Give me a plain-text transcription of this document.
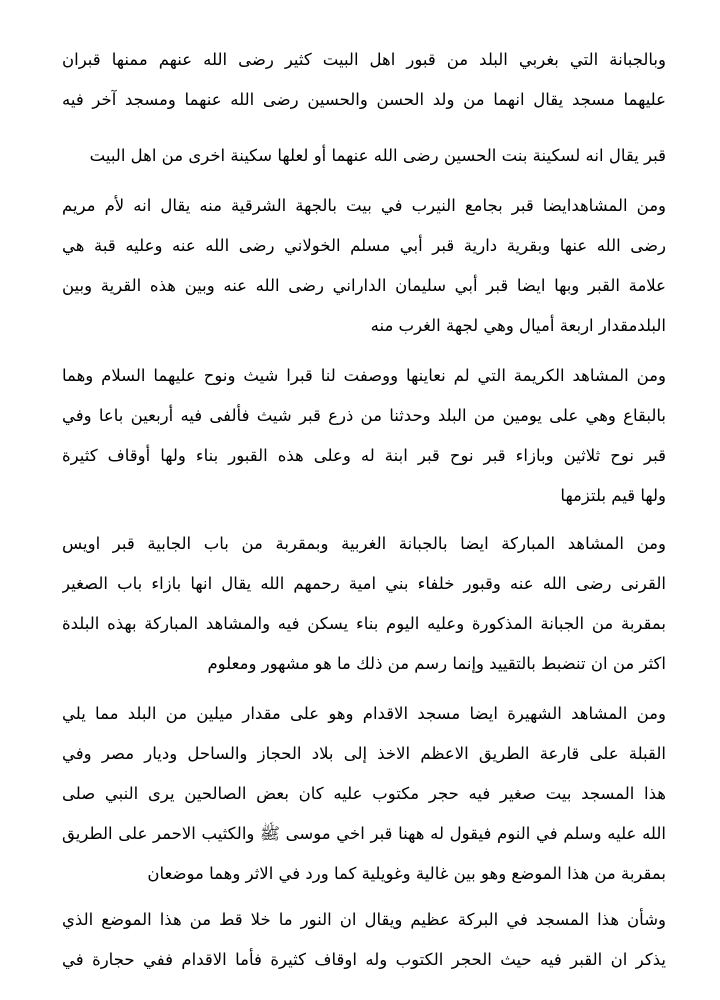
وبالجبانة التي بغربي البلد من قبور اهل البيت كثير رضى الله عنهم ممنها قبران
عليهما مسجد يقال انهما من ولد الحسن والحسين رضى الله عنهما ومسجد آخر فيه
قبر يقال انه لسكينة بنت الحسين رضى الله عنهما أو لعلها سكينة اخرى من اهل البيت
ومن المشاهدايضا قبر بجامع النيرب في بيت بالجهة الشرقية منه يقال انه لأم مريم
رضى الله عنها وبقرية دارية قبر أبي مسلم الخولاني رضى الله عنه وعليه قبة هي
علامة القبر وبها ايضا قبر أبي سليمان الداراني رضى الله عنه وبين هذه القرية وبين
البلدمقدار اربعة أميال وهي لجهة الغرب منه
ومن المشاهد الكريمة التي لم نعاينها ووصفت لنا قبرا شيث ونوح عليهما السلام وهما
بالبقاع وهي على يومين من البلد وحدثنا من ذرع قبر شيث فألفى فيه أربعين باعا وفي
قبر نوح ثلاثين وبازاء قبر نوح قبر ابنة له وعلى هذه القبور بناء ولها أوقاف كثيرة
ولها قيم بلتزمها
ومن المشاهد المباركة ايضا بالجبانة الغربية وبمقربة من باب الجابية قبر اويس
القرنى رضى الله عنه وقبور خلفاء بني امية رحمهم الله يقال انها بازاء باب الصغير
بمقربة من الجبانة المذكورة وعليه اليوم بناء يسكن فيه والمشاهد المباركة بهذه البلدة
اكثر من ان تنضبط بالتقييد وإنما رسم من ذلك ما هو مشهور ومعلوم
ومن المشاهد الشهيرة ايضا مسجد الاقدام وهو على مقدار ميلين من البلد مما يلي
القبلة على قارعة الطريق الاعظم الاخذ إلى بلاد الحجاز والساحل وديار مصر وفي
هذا المسجد بيت صغير فيه حجر مكتوب عليه كان بعض الصالحين يرى النبي صلى
الله عليه وسلم في النوم فيقول له ههنا قبر اخي موسى ﷺ والكثيب الاحمر على الطريق
بمقربة من هذا الموضع وهو بين غالية وغويلية كما ورد في الاثر وهما موضعان
وشأن هذا المسجد في البركة عظيم ويقال ان النور ما خلا قط من هذا الموضع الذي
يذكر ان القبر فيه حيث الحجر الكتوب وله اوقاف كثيرة فأما الاقدام ففي حجارة في
